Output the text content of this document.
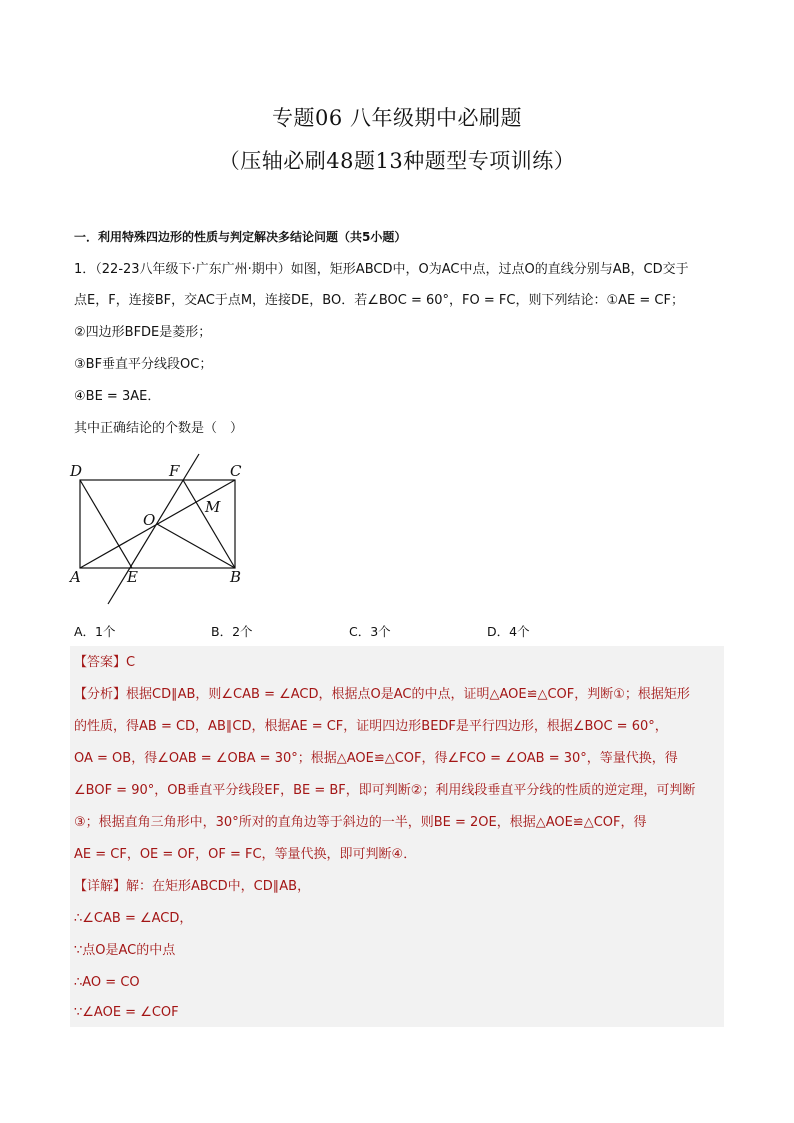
专题06 八年级期中必刷题
（压轴必刷48题13种题型专项训练）
一．利用特殊四边形的性质与判定解决多结论问题（共5小题）
1．（22-23八年级下·广东广州·期中）如图，矩形ABCD中，O为AC中点，过点O的直线分别与AB，CD交于
点E，F，连接BF，交AC于点M，连接DE，BO．若∠BOC = 60°，FO = FC，则下列结论：①AE = CF；
②四边形BFDE是菱形；
③BF垂直平分线段OC；
④BE = 3AE．
其中正确结论的个数是（　）
D	F	C
O
M
A	E	B
A．1个	B．2个	C．3个	D．4个
【答案】C
【分析】根据CD∥AB，则∠CAB = ∠ACD，根据点O是AC的中点，证明△AOE≌△COF，判断①；根据矩形
的性质，得AB = CD，AB∥CD，根据AE = CF，证明四边形BEDF是平行四边形，根据∠BOC = 60°，
OA = OB，得∠OAB = ∠OBA = 30°；根据△AOE≌△COF，得∠FCO = ∠OAB = 30°，等量代换，得
∠BOF = 90°，OB垂直平分线段EF，BE = BF，即可判断②；利用线段垂直平分线的性质的逆定理，可判断
③；根据直角三角形中，30°所对的直角边等于斜边的一半，则BE = 2OE，根据△AOE≌△COF，得
AE = CF，OE = OF，OF = FC，等量代换，即可判断④．
【详解】解：在矩形ABCD中，CD∥AB，
∴∠CAB = ∠ACD，
∵点O是AC的中点
∴AO = CO
∵∠AOE = ∠COF
